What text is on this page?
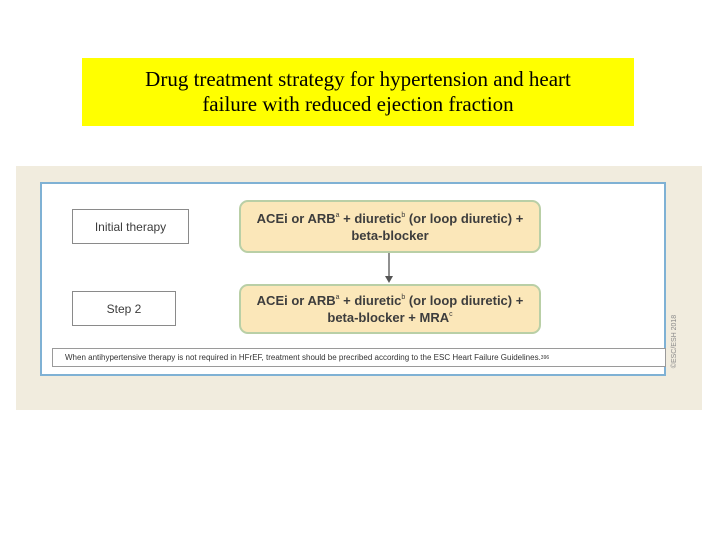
Drug treatment strategy for hypertension and heart
failure with reduced ejection fraction

Initial therapy
Step 2
ACEi or $ARB^a$ + diuretic$^b$ (or loop diuretic) +
beta-blocker
ACEi or $ARB^a$ + diuretic$^b$ (or loop diuretic) +
beta-blocker + $MRA^c$
When antihypertensive therapy is not required in HFrEF, treatment should be precribed according to the ESC Heart Failure Guidelines. 396	©ESC/ESH 2018
